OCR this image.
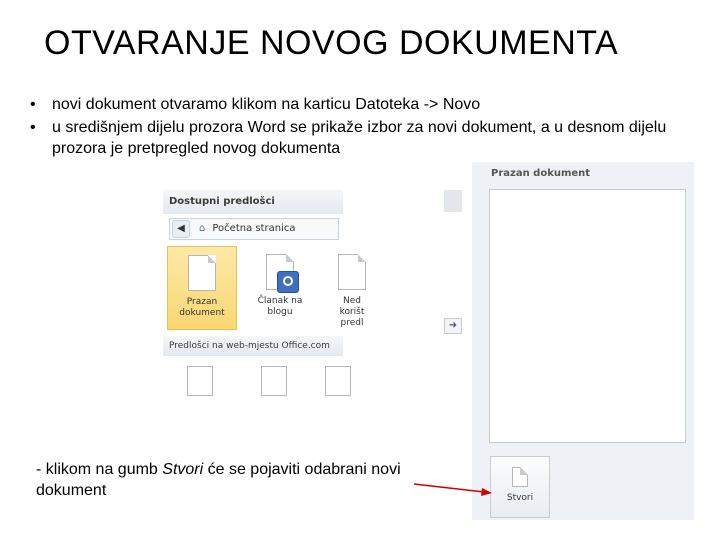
OTVARANJE NOVOG DOKUMENTA
• novi dokument otvaramo klikom na karticu Datoteka -> Novo
• u središnjem dijelu prozora Word se prikaže izbor za novi dokument, a u desnom dijelu prozora je pretpregled novog dokumenta
Dostupni predlošci
◀ ⌂ Početna stranica
Prazan
dokument
Članak na
blogu
Ned
korišt
predl
Predlošci na web-mjestu Office.com
➜
Prazan dokument
Stvori
- klikom na gumb Stvori će se pojaviti odabrani novi dokument
